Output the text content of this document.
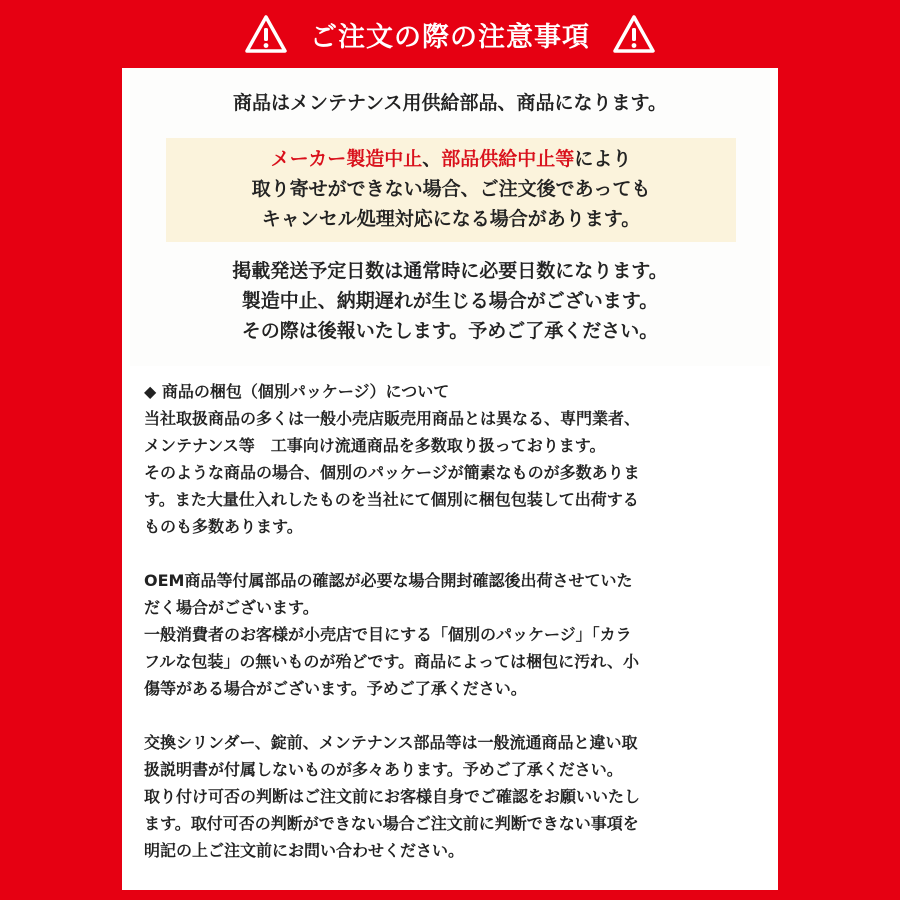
ご注文の際の注意事項
商品はメンテナンス用供給部品、商品になります。
メーカー製造中止、部品供給中止等により
取り寄せができない場合、ご注文後であっても
キャンセル処理対応になる場合があります。
掲載発送予定日数は通常時に必要日数になります。
製造中止、納期遅れが生じる場合がございます。
その際は後報いたします。予めご了承ください。

◆ 商品の梱包（個別パッケージ）について

当社取扱商品の多くは一般小売店販売用商品とは異なる、専門業者、

メンテナンス等　工事向け流通商品を多数取り扱っております。

そのような商品の場合、個別のパッケージが簡素なものが多数ありま

す。また大量仕入れしたものを当社にて個別に梱包包装して出荷する

ものも多数あります。

OEM商品等付属部品の確認が必要な場合開封確認後出荷させていた

だく場合がございます。

一般消費者のお客様が小売店で目にする「個別のパッケージ」「カラ

フルな包装」の無いものが殆どです。商品によっては梱包に汚れ、小

傷等がある場合がございます。予めご了承ください。

交換シリンダー、錠前、メンテナンス部品等は一般流通商品と違い取

扱説明書が付属しないものが多々あります。予めご了承ください。

取り付け可否の判断はご注文前にお客様自身でご確認をお願いいたし

ます。取付可否の判断ができない場合ご注文前に判断できない事項を

明記の上ご注文前にお問い合わせください。
